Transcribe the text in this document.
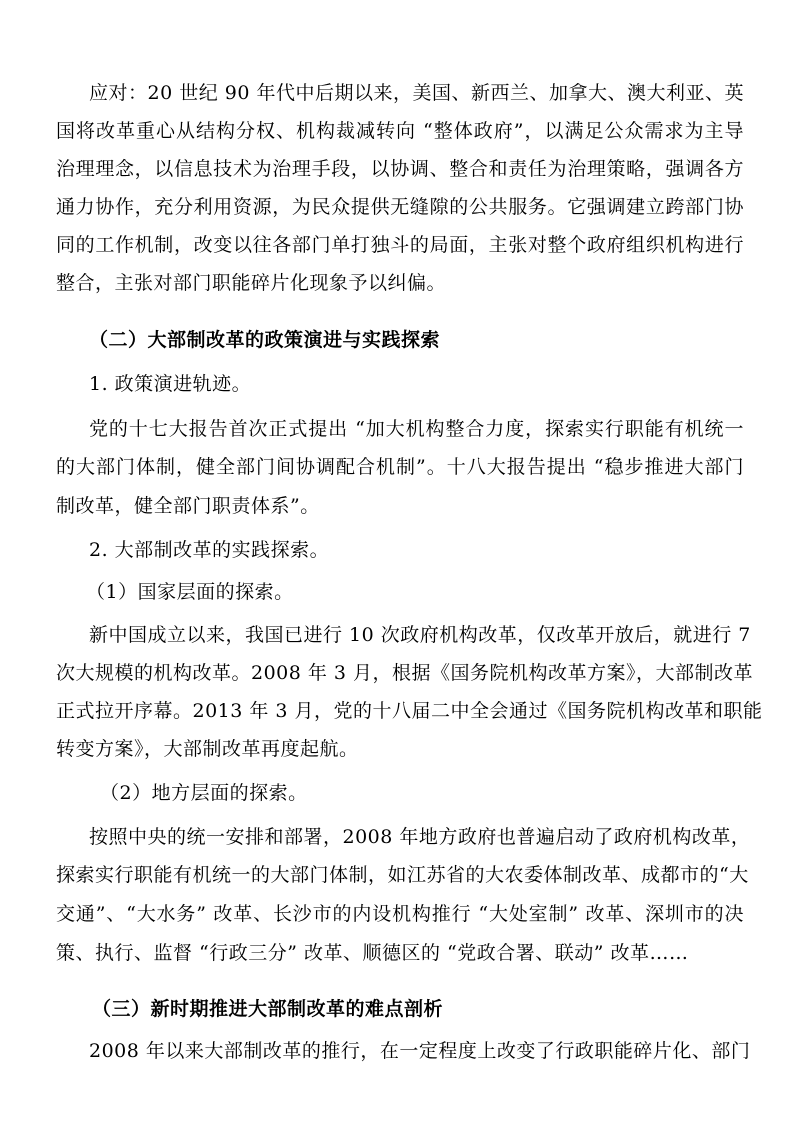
应对：20 世纪 90 年代中后期以来，美国、新西兰、加拿大、澳大利亚、英
国将改革重心从结构分权、机构裁减转向 “整体政府”，以满足公众需求为主导
治理理念，以信息技术为治理手段，以协调、整合和责任为治理策略，强调各方
通力协作，充分利用资源，为民众提供无缝隙的公共服务。它强调建立跨部门协
同的工作机制，改变以往各部门单打独斗的局面，主张对整个政府组织机构进行
整合，主张对部门职能碎片化现象予以纠偏。
（二）大部制改革的政策演进与实践探索
1. 政策演进轨迹。
党的十七大报告首次正式提出 “加大机构整合力度，探索实行职能有机统一
的大部门体制，健全部门间协调配合机制”。十八大报告提出 “稳步推进大部门
制改革，健全部门职责体系”。
2. 大部制改革的实践探索。
（1）国家层面的探索。
新中国成立以来，我国已进行 10 次政府机构改革，仅改革开放后，就进行 7
次大规模的机构改革。2008 年 3 月，根据《国务院机构改革方案》，大部制改革
正式拉开序幕。2013 年 3 月，党的十八届二中全会通过《国务院机构改革和职能
转变方案》，大部制改革再度起航。
（2）地方层面的探索。
按照中央的统一安排和部署，2008 年地方政府也普遍启动了政府机构改革，
探索实行职能有机统一的大部门体制，如江苏省的大农委体制改革、成都市的“大
交通”、“大水务” 改革、长沙市的内设机构推行 “大处室制” 改革、深圳市的决
策、执行、监督 “行政三分” 改革、顺德区的 “党政合署、联动” 改革……
（三）新时期推进大部制改革的难点剖析
2008 年以来大部制改革的推行，在一定程度上改变了行政职能碎片化、部门
